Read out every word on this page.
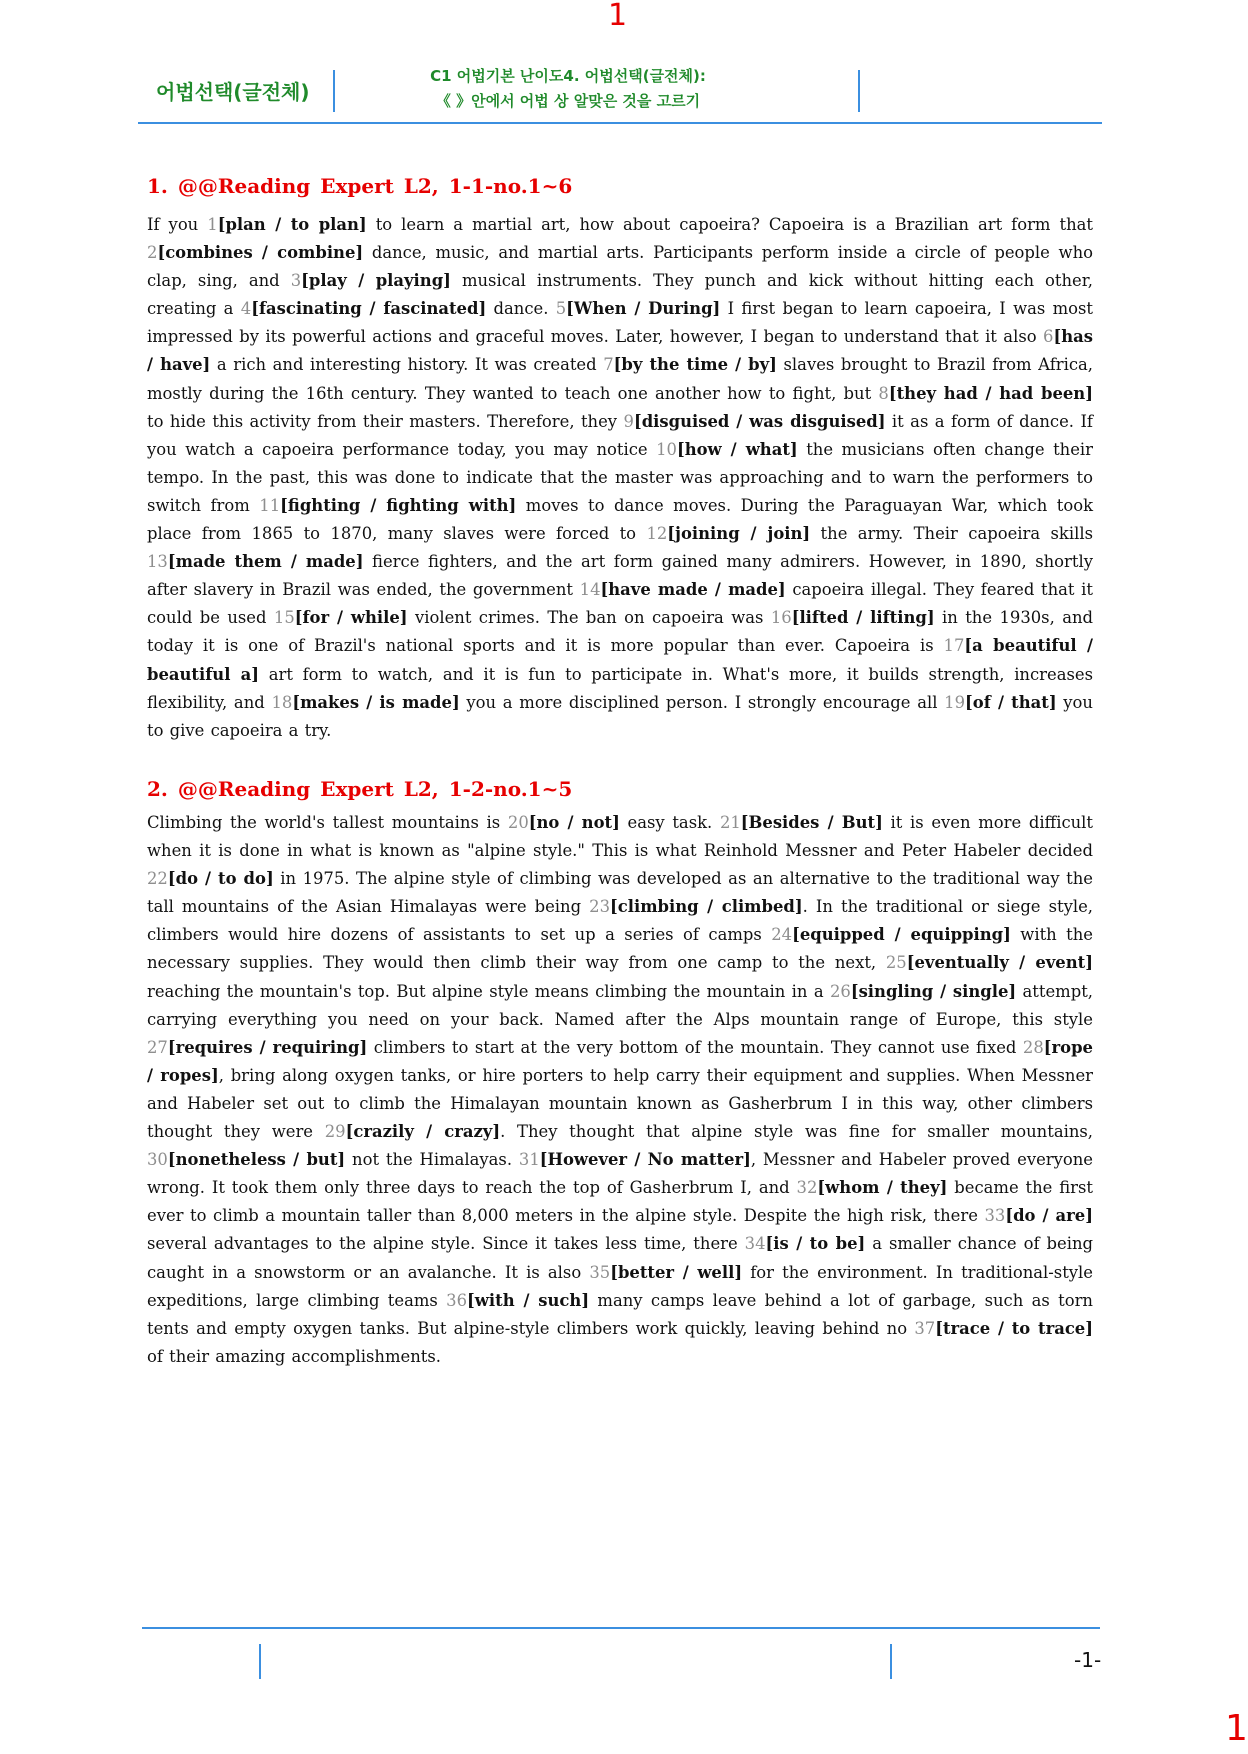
1
어법선택(글전체)
C1 어법기본 난이도4. 어법선택(글전체):
《 》안에서 어법 상 알맞은 것을 고르기
1. @@Reading Expert L2, 1-1-no.1~6
If you 1[plan / to plan] to learn a martial art, how about capoeira? Capoeira is a Brazilian art form that 2[combines / combine] dance, music, and martial arts. Participants perform inside a circle of people who clap, sing, and 3[play / playing] musical instruments. They punch and kick without hitting each other, creating a 4[fascinating / fascinated] dance. 5[When / During] I first began to learn capoeira, I was most impressed by its powerful actions and graceful moves. Later, however, I began to understand that it also 6[has / have] a rich and interesting history. It was created 7[by the time / by] slaves brought to Brazil from Africa, mostly during the 16th century. They wanted to teach one another how to fight, but 8[they had / had been] to hide this activity from their masters. Therefore, they 9[disguised / was disguised] it as a form of dance. If you watch a capoeira performance today, you may notice 10[how / what] the musicians often change their tempo. In the past, this was done to indicate that the master was approaching and to warn the performers to switch from 11[fighting / fighting with] moves to dance moves. During the Paraguayan War, which took place from 1865 to 1870, many slaves were forced to 12[joining / join] the army. Their capoeira skills 13[made them / made] fierce fighters, and the art form gained many admirers. However, in 1890, shortly after slavery in Brazil was ended, the government 14[have made / made] capoeira illegal. They feared that it could be used 15[for / while] violent crimes. The ban on capoeira was 16[lifted / lifting] in the 1930s, and today it is one of Brazil's national sports and it is more popular than ever. Capoeira is 17[a beautiful / beautiful a] art form to watch, and it is fun to participate in. What's more, it builds strength, increases flexibility, and 18[makes / is made] you a more disciplined person. I strongly encourage all 19[of / that] you to give capoeira a try.
2. @@Reading Expert L2, 1-2-no.1~5
Climbing the world's tallest mountains is 20[no / not] easy task. 21[Besides / But] it is even more difficult when it is done in what is known as "alpine style." This is what Reinhold Messner and Peter Habeler decided 22[do / to do] in 1975. The alpine style of climbing was developed as an alternative to the traditional way the tall mountains of the Asian Himalayas were being 23[climbing / climbed]. In the traditional or siege style, climbers would hire dozens of assistants to set up a series of camps 24[equipped / equipping] with the necessary supplies. They would then climb their way from one camp to the next, 25[eventually / event] reaching the mountain's top. But alpine style means climbing the mountain in a 26[singling / single] attempt, carrying everything you need on your back. Named after the Alps mountain range of Europe, this style 27[requires / requiring] climbers to start at the very bottom of the mountain. They cannot use fixed 28[rope / ropes], bring along oxygen tanks, or hire porters to help carry their equipment and supplies. When Messner and Habeler set out to climb the Himalayan mountain known as Gasherbrum I in this way, other climbers thought they were 29[crazily / crazy]. They thought that alpine style was fine for smaller mountains, 30[nonetheless / but] not the Himalayas. 31[However / No matter], Messner and Habeler proved everyone wrong. It took them only three days to reach the top of Gasherbrum I, and 32[whom / they] became the first ever to climb a mountain taller than 8,000 meters in the alpine style. Despite the high risk, there 33[do / are] several advantages to the alpine style. Since it takes less time, there 34[is / to be] a smaller chance of being caught in a snowstorm or an avalanche. It is also 35[better / well] for the environment. In traditional-style expeditions, large climbing teams 36[with / such] many camps leave behind a lot of garbage, such as torn tents and empty oxygen tanks. But alpine-style climbers work quickly, leaving behind no 37[trace / to trace] of their amazing accomplishments.
-1-
1
